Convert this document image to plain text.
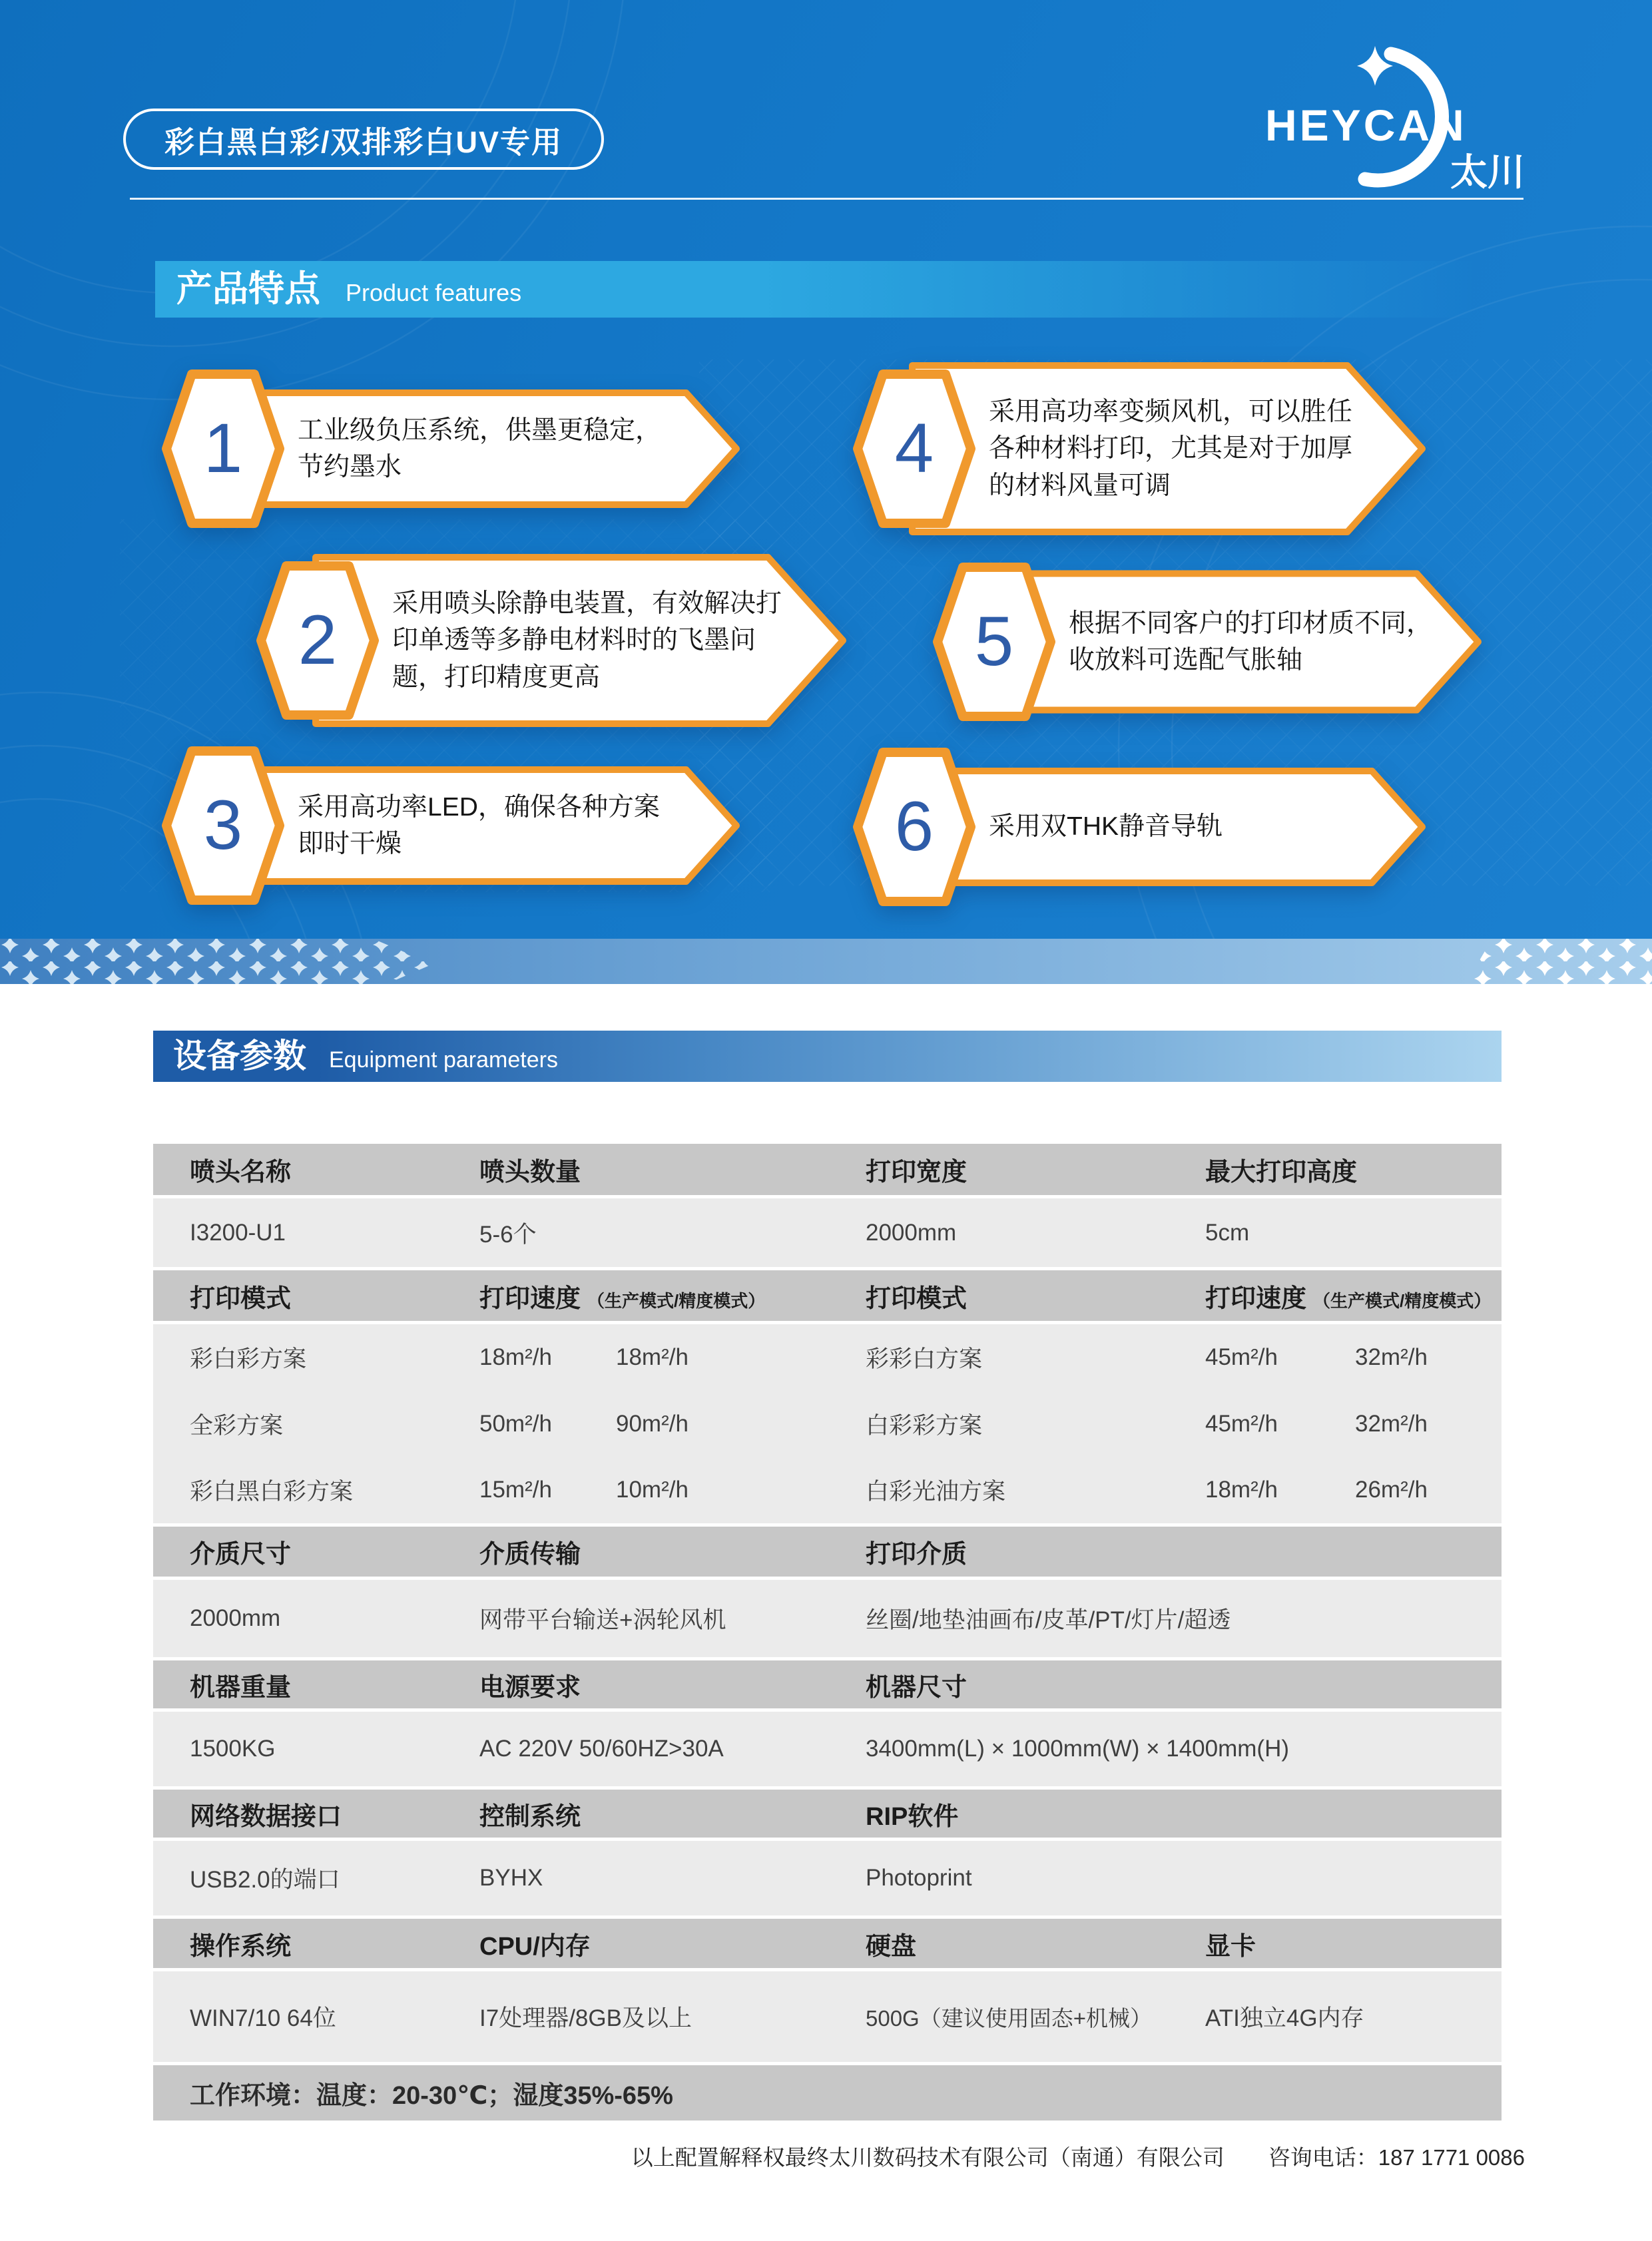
彩白黑白彩/双排彩白UV专用	HEYCAN
太川
产品特点 Product features
1	工业级负压系统，供墨更稳定，节约墨水
2	采用喷头除静电装置，有效解决打印单透等多静电材料时的飞墨问题，打印精度更高
3	采用高功率LED，确保各种方案即时干燥
4	采用高功率变频风机，可以胜任各种材料打印，尤其是对于加厚的材料风量可调
5	根据不同客户的打印材质不同，收放料可选配气胀轴
6	采用双THK静音导轨
设备参数 Equipment parameters
喷头名称	喷头数量	打印宽度	最大打印高度
I3200-U1	5-6个	2000mm	5cm
打印模式	打印速度 （生产模式/精度模式）	打印模式	打印速度 （生产模式/精度模式）
彩白彩方案	18m²/h	18m²/h	彩彩白方案	45m²/h	32m²/h
全彩方案	50m²/h	90m²/h	白彩彩方案	45m²/h	32m²/h
彩白黑白彩方案	15m²/h	10m²/h	白彩光油方案	18m²/h	26m²/h
介质尺寸	介质传输	打印介质
2000mm	网带平台输送+涡轮风机	丝圈/地垫油画布/皮革/PT/灯片/超透
机器重量	电源要求	机器尺寸
1500KG	AC 220V 50/60HZ>30A	3400mm(L) × 1000mm(W) × 1400mm(H)
网络数据接口	控制系统	RIP软件
USB2.0的端口	BYHX	Photoprint
操作系统	CPU/内存	硬盘	显卡
WIN7/10 64位	I7处理器/8GB及以上	500G（建议使用固态+机械）	ATI独立4G内存
工作环境：温度：20-30℃；湿度35%-65%
以上配置解释权最终太川数码技术有限公司（南通）有限公司 咨询电话：187 1771 0086
